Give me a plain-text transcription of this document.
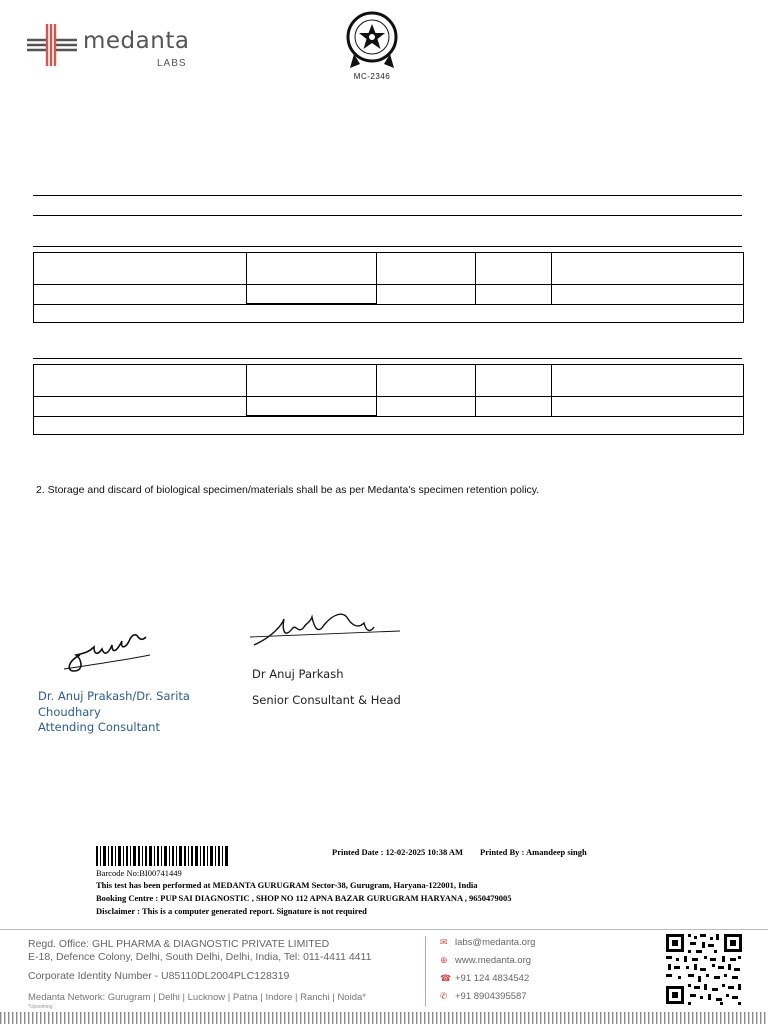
medanta
LABS
MC-2346

2. Storage and discard of biological specimen/materials shall be as per Medanta's specimen retention policy.
Dr. Anuj Prakash/Dr. Sarita
Choudhary
Attending Consultant
Dr Anuj Parkash
Senior Consultant & Head
Printed Date : 12-02-2025 10:38 AM Printed By : Amandeep singh
Barcode No:BI00741449
This test has been performed at MEDANTA GURUGRAM Sector-38, Gurugram, Haryana-122001, India
Booking Centre : PUP SAI DIAGNOSTIC , SHOP NO 112 APNA BAZAR GURUGRAM HARYANA , 9650479005
Disclaimer : This is a computer generated report. Signature is not required
Regd. Office: GHL PHARMA & DIAGNOSTIC PRIVATE LIMITED
E-18, Defence Colony, Delhi, South Delhi, Delhi, India, Tel: 011-4411 4411
Corporate Identity Number - U85110DL2004PLC128319
Medanta Network: Gurugram | Delhi | Lucknow | Patna | Indore | Ranchi | Noida*
*Upcoming
✉ labs@medanta.org
⊕ www.medanta.org
☎ +91 124 4834542
✆ +91 8904395587
